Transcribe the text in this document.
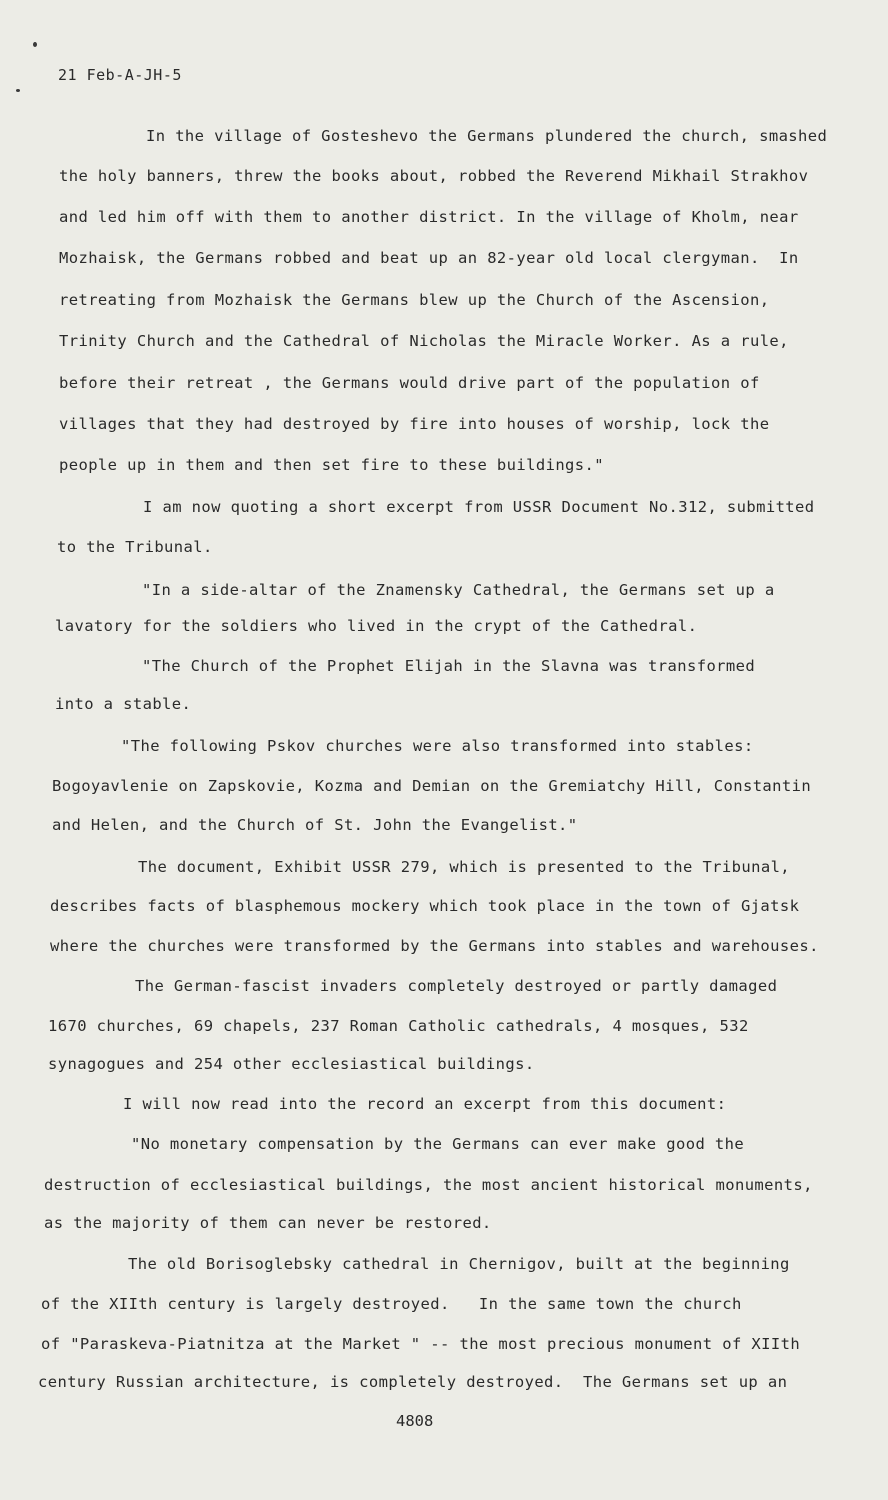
21 Feb-A-JH-5
In the village of Gosteshevo the Germans plundered the church, smashed
the holy banners, threw the books about, robbed the Reverend Mikhail Strakhov
and led him off with them to another district. In the village of Kholm, near
Mozhaisk, the Germans robbed and beat up an 82-year old local clergyman.  In
retreating from Mozhaisk the Germans blew up the Church of the Ascension,
Trinity Church and the Cathedral of Nicholas the Miracle Worker. As a rule,
before their retreat , the Germans would drive part of the population of
villages that they had destroyed by fire into houses of worship, lock the
people up in them and then set fire to these buildings."
I am now quoting a short excerpt from USSR Document No.312, submitted
to the Tribunal.
"In a side-altar of the Znamensky Cathedral, the Germans set up a
lavatory for the soldiers who lived in the crypt of the Cathedral.
"The Church of the Prophet Elijah in the Slavna was transformed
into a stable.
"The following Pskov churches were also transformed into stables:
Bogoyavlenie on Zapskovie, Kozma and Demian on the Gremiatchy Hill, Constantin
and Helen, and the Church of St. John the Evangelist."
The document, Exhibit USSR 279, which is presented to the Tribunal,
describes facts of blasphemous mockery which took place in the town of Gjatsk
where the churches were transformed by the Germans into stables and warehouses.
The German-fascist invaders completely destroyed or partly damaged
1670 churches, 69 chapels, 237 Roman Catholic cathedrals, 4 mosques, 532
synagogues and 254 other ecclesiastical buildings.
I will now read into the record an excerpt from this document:
"No monetary compensation by the Germans can ever make good the
destruction of ecclesiastical buildings, the most ancient historical monuments,
as the majority of them can never be restored.
The old Borisoglebsky cathedral in Chernigov, built at the beginning
of the XIIth century is largely destroyed.   In the same town the church
of "Paraskeva-Piatnitza at the Market " -- the most precious monument of XIIth
century Russian architecture, is completely destroyed.  The Germans set up an
4808
